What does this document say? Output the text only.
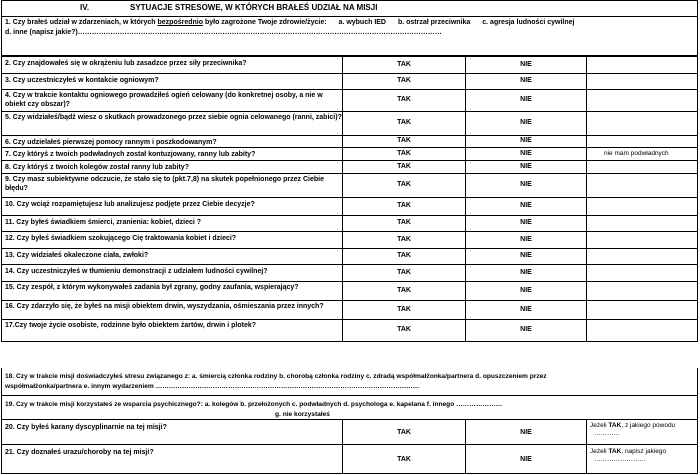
IV.	SYTUACJE STRESOWE, W KTÓRYCH BRAŁEŚ UDZIAŁ NA MISJI
1. Czy brałeś udział w zdarzeniach, w których bezpośrednio było zagrożone Twoje zdrowie/życie: a. wybuch IED b. ostrzał przeciwnika c. agresja ludności cywilnej
d. inne (napisz jakie?)…………………………………………………………………………………………………………………………………………
2. Czy znajdowałeś się w okrążeniu lub zasadzce przez siły przeciwnika?	TAK	NIE
3. Czy uczestniczyłeś w kontakcie ogniowym?	TAK	NIE
4. Czy w trakcie kontaktu ogniowego prowadziłeś ogień celowany (do konkretnej osoby, a nie w obiekt czy obszar)?
TAK	NIE
5. Czy widziałeś/bądź wiesz o skutkach prowadzonego przez siebie ognia celowanego (ranni, zabici)?
TAK	NIE
6. Czy udzielałeś pierwszej pomocy rannym i poszkodowanym?	TAK	NIE
7. Czy któryś z twoich podwładnych został kontuzjowany, ranny lub zabity?	TAK	NIE	nie mam podwładnych
8. Czy któryś z twoich kolegów został ranny lub zabity?	TAK	NIE
9. Czy masz subiektywne odczucie, że stało się to (pkt.7,8) na skutek popełnionego przez Ciebie błędu?
TAK	NIE
10. Czy wciąż rozpamiętujesz lub analizujesz podjęte przez Ciebie decyzje?	TAK	NIE
11. Czy byłeś świadkiem śmierci, zranienia: kobiet, dzieci ?	TAK	NIE
12. Czy byłeś świadkiem szokującego Cię traktowania kobiet i dzieci?	TAK	NIE
13. Czy widziałeś okaleczone ciała, zwłoki?	TAK	NIE
14. Czy uczestniczyłeś w tłumieniu demonstracji z udziałem ludności cywilnej?	TAK	NIE
15. Czy zespół, z którym wykonywałeś zadania był zgrany, godny zaufania, wspierający?	TAK	NIE
16. Czy zdarzyło się, że byłeś na misji obiektem drwin, wyszydzania, ośmieszania przez innych?	TAK	NIE
17.Czy twoje życie osobiste, rodzinne było obiektem żartów, drwin i plotek?
TAK	NIE
18. Czy w trakcie misji doświadczyłeś stresu związanego z: a. śmiercią członka rodziny b. chorobą członka rodziny c. zdradą współmałżonka/partnera d. opuszczeniem przez
współmałżonka/partnera e. innym wydarzeniem …………………………………………………………………………………………………………
19. Czy w trakcie misji korzystałeś ze wsparcia psychicznego?: a. kolegów b. przełożonych c. podwładnych d. psychologa e. kapelana f. innego …………………
g. nie korzystałeś
20. Czy byłeś karany dyscyplinarnie na tej misji?
TAK	NIE
Jeżeli TAK, z jakiego powodu
…………
21. Czy doznałeś urazu/choroby na tej misji?
TAK	NIE
Jeżeli TAK, napisz jakiego
……………………
